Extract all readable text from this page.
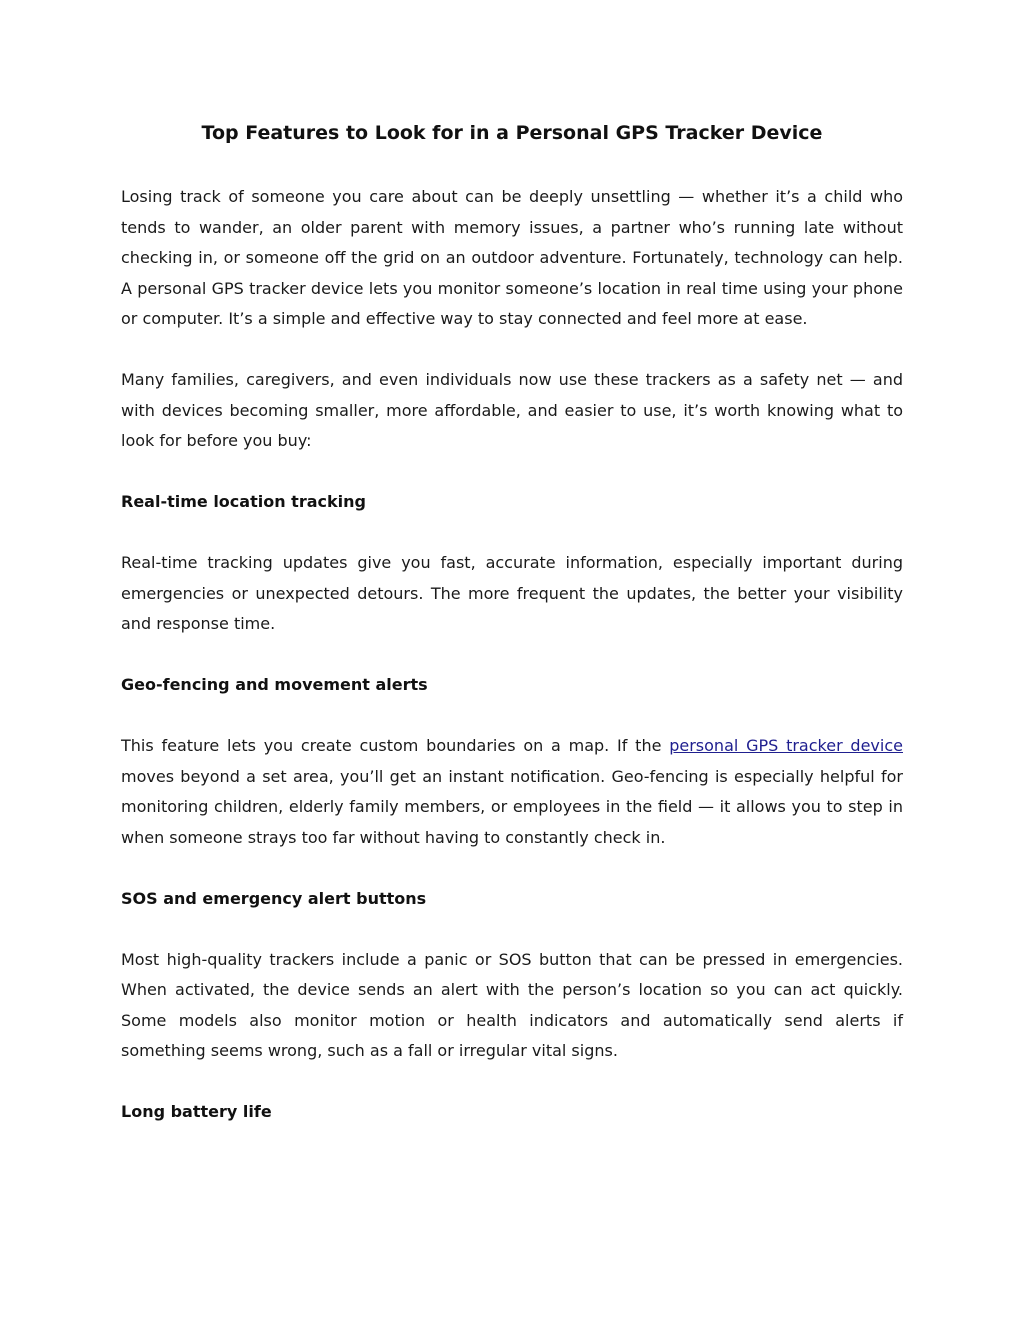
Top Features to Look for in a Personal GPS Tracker Device

Losing track of someone you care about can be deeply unsettling — whether it’s a child who tends to wander, an older parent with memory issues, a partner who’s running late without checking in, or someone off the grid on an outdoor adventure. Fortunately, technology can help. A personal GPS tracker device lets you monitor someone’s location in real time using your phone or computer. It’s a simple and effective way to stay connected and feel more at ease.

Many families, caregivers, and even individuals now use these trackers as a safety net — and with devices becoming smaller, more affordable, and easier to use, it’s worth knowing what to look for before you buy:

Real-time location tracking

Real-time tracking updates give you fast, accurate information, especially important during emergencies or unexpected detours. The more frequent the updates, the better your visibility and response time.

Geo-fencing and movement alerts

This feature lets you create custom boundaries on a map. If the personal GPS tracker device moves beyond a set area, you’ll get an instant notification. Geo-fencing is especially helpful for monitoring children, elderly family members, or employees in the field — it allows you to step in when someone strays too far without having to constantly check in.

SOS and emergency alert buttons

Most high-quality trackers include a panic or SOS button that can be pressed in emergencies. When activated, the device sends an alert with the person’s location so you can act quickly. Some models also monitor motion or health indicators and automatically send alerts if something seems wrong, such as a fall or irregular vital signs.

Long battery life
